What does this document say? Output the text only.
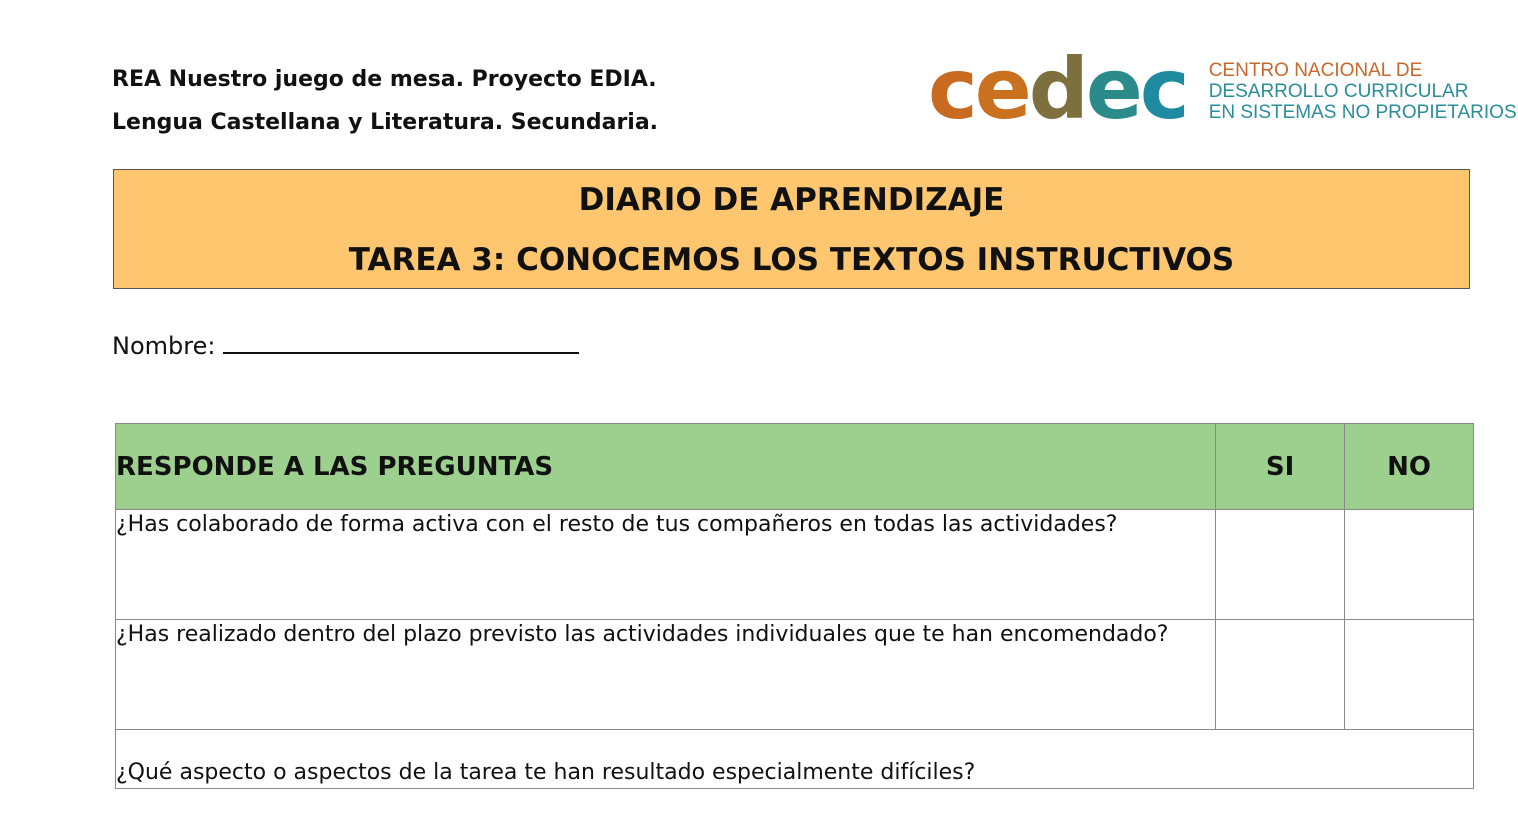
REA Nuestro juego de mesa. Proyecto EDIA.
Lengua Castellana y Literatura. Secundaria.	c e d e c CENTRO NACIONAL DE
DESARROLLO CURRICULAR
EN SISTEMAS NO PROPIETARIOS
DIARIO DE APRENDIZAJE
TAREA 3: CONOCEMOS LOS TEXTOS INSTRUCTIVOS
Nombre:
RESPONDE A LAS PREGUNTAS	SI	NO
¿Has colaborado de forma activa con el resto de tus compañeros en todas las actividades?		
¿Has realizado dentro del plazo previsto las actividades individuales que te han encomendado?		
¿Qué aspecto o aspectos de la tarea te han resultado especialmente difíciles?		
